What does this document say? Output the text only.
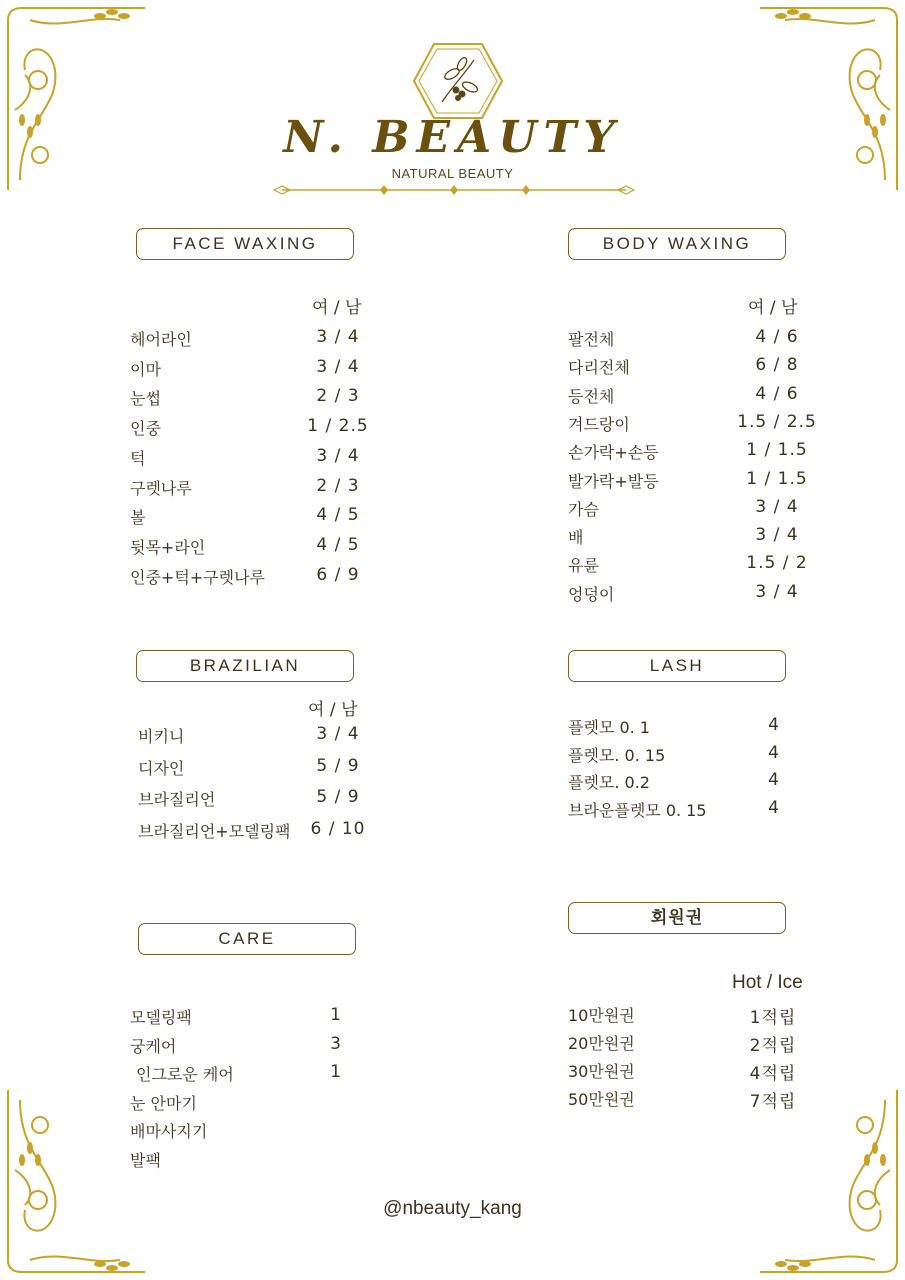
N. BEAUTY
NATURAL BEAUTY
FACE WAXING
여 / 남
헤어라인	3 / 4
이마	3 / 4
눈썹	2 / 3
인중	1 / 2.5
턱	3 / 4
구렛나루	2 / 3
볼	4 / 5
뒷목+라인	4 / 5
인중+턱+구렛나루	6 / 9
BODY WAXING
여 / 남
팔전체	4 / 6
다리전체	6 / 8
등전체	4 / 6
겨드랑이	1.5 / 2.5
손가락+손등	1 / 1.5
발가락+발등	1 / 1.5
가슴	3 / 4
배	3 / 4
유륜	1.5 / 2
엉덩이	3 / 4
BRAZILIAN
여 / 남
비키니	3 / 4
디자인	5 / 9
브라질리언	5 / 9
브라질리언+모델링팩	6 / 10
LASH
플렛모 0. 1	4
플렛모. 0. 15	4
플렛모. 0.2	4
브라운플렛모 0. 15	4
CARE
모델링팩	1
궁케어	3
인그로운 케어	1
눈 안마기
배마사지기
발팩
회원권
Hot / Ice
10만원권	1적립
20만원권	2적립
30만원권	4적립
50만원권	7적립
@nbeauty_kang
